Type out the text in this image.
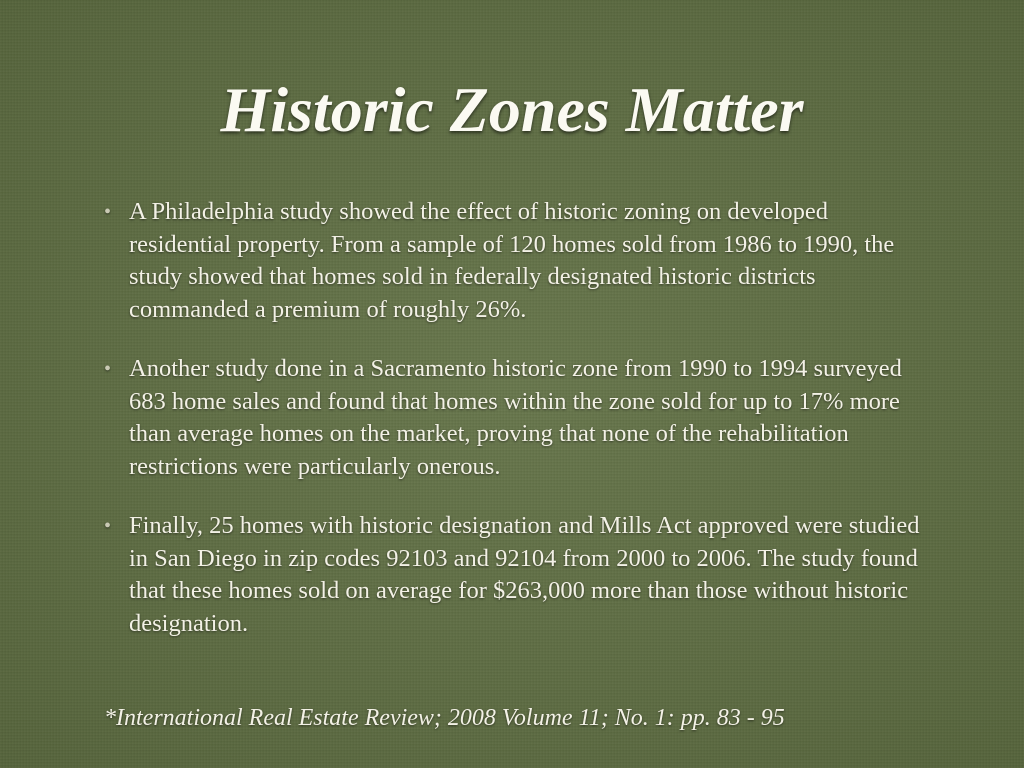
Historic Zones Matter
• A Philadelphia study showed the effect of historic zoning on developed residential property. From a sample of 120 homes sold from 1986 to 1990, the study showed that homes sold in federally designated historic districts commanded a premium of roughly 26%.
• Another study done in a Sacramento historic zone from 1990 to 1994 surveyed 683 home sales and found that homes within the zone sold for up to 17% more than average homes on the market, proving that none of the rehabilitation restrictions were particularly onerous.
• Finally, 25 homes with historic designation and Mills Act approved were studied in San Diego in zip codes 92103 and 92104 from 2000 to 2006. The study found that these homes sold on average for $263,000 more than those without historic designation.
*International Real Estate Review; 2008 Volume 11; No. 1: pp. 83 - 95
